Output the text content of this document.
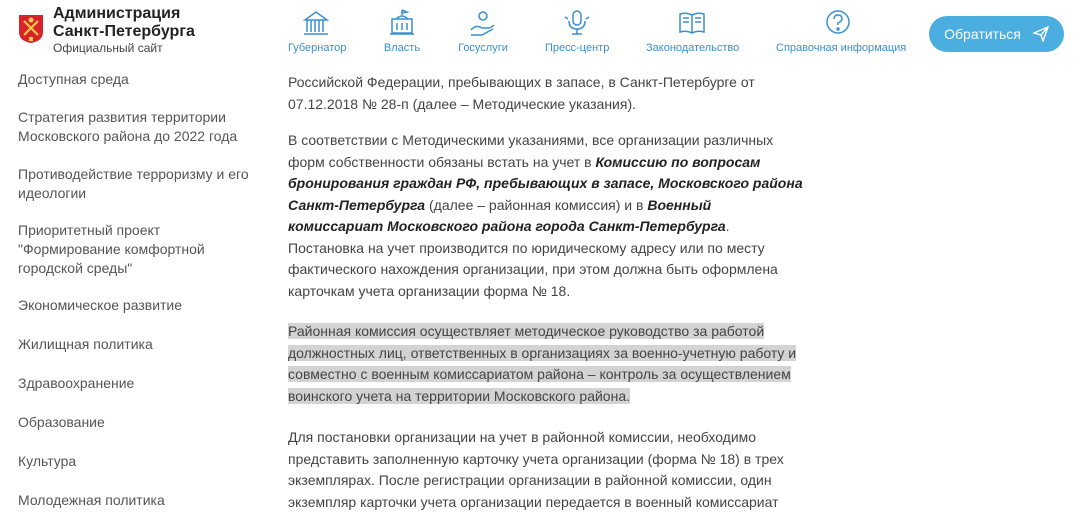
Администрация Санкт-Петербурга
Официальный сайт	Губернатор	Власть	Госуслуги	Пресс-центр	Законодательство	Справочная информация
Обратиться
Доступная среда
Стратегия развития территории Московского района до 2022 года
Противодействие терроризму и его идеологии
Приоритетный проект "Формирование комфортной городской среды"
Экономическое развитие
Жилищная политика
Здравоохранение
Образование
Культура
Молодежная политика

Российской Федерации, пребывающих в запасе, в Санкт-Петербурге от 07.12.2018 № 28-п (далее – Методические указания).

В соответствии с Методическими указаниями, все организации различных форм собственности обязаны встать на учет в Комиссию по вопросам бронирования граждан РФ, пребывающих в запасе, Московского района Санкт-Петербурга (далее – районная комиссия) и в Военный комиссариат Московского района города Санкт-Петербурга. Постановка на учет производится по юридическому адресу или по месту фактического нахождения организации, при этом должна быть оформлена карточкам учета организации форма № 18.

Районная комиссия осуществляет методическое руководство за работой должностных лиц, ответственных в организациях за военно-учетную работу и совместно с военным комиссариатом района – контроль за осуществлением воинского учета на территории Московского района.

Для постановки организации на учет в районной комиссии, необходимо представить заполненную карточку учета организации (форма № 18) в трех экземплярах. После регистрации организации в районной комиссии, один экземпляр карточки учета организации передается в военный комиссариат
